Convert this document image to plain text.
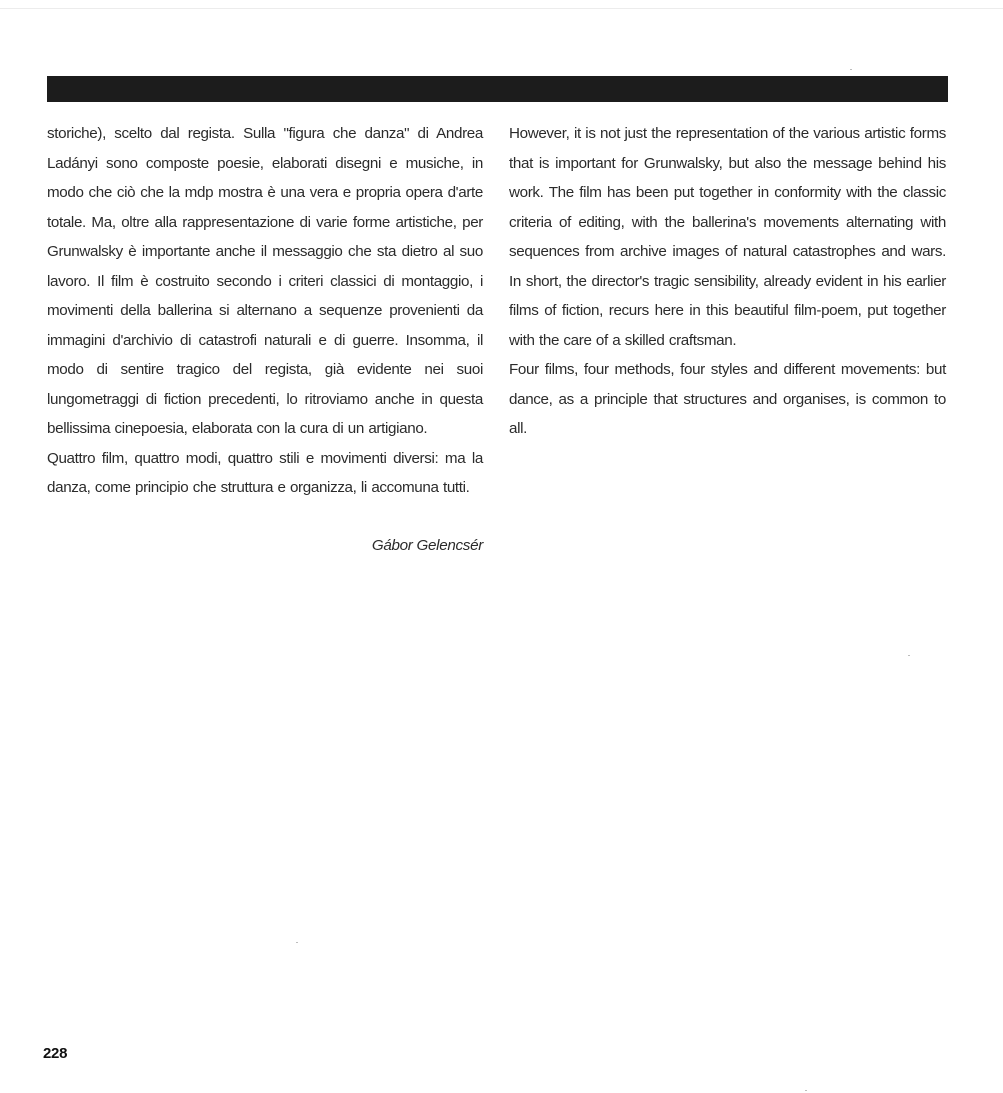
storiche), scelto dal regista. Sulla "figura che danza" di Andrea Ladányi sono composte poesie, elaborati disegni e musiche, in modo che ciò che la mdp mostra è una vera e propria opera d'arte totale. Ma, oltre alla rappresentazione di varie forme artistiche, per Grunwalsky è importante anche il messaggio che sta dietro al suo lavoro. Il film è costruito secondo i criteri classici di montaggio, i movimenti della ballerina si alternano a sequenze provenienti da immagini d'archivio di catastrofi naturali e di guerre. Insomma, il modo di sentire tragico del regista, già evidente nei suoi lungometraggi di fiction precedenti, lo ritroviamo anche in questa bellissima cinepoesia, elaborata con la cura di un artigiano.

Quattro film, quattro modi, quattro stili e movimenti diversi: ma la danza, come principio che struttura e organizza, li accomuna tutti.

Gábor Gelencsér

However, it is not just the representation of the various artistic forms that is important for Grunwalsky, but also the message behind his work. The film has been put together in conformity with the classic criteria of editing, with the ballerina's movements alternating with sequences from archive images of natural catastrophes and wars. In short, the director's tragic sensibility, already evident in his earlier films of fiction, recurs here in this beautiful film-poem, put together with the care of a skilled craftsman.

Four films, four methods, four styles and different movements: but dance, as a principle that structures and organises, is common to all.

228
